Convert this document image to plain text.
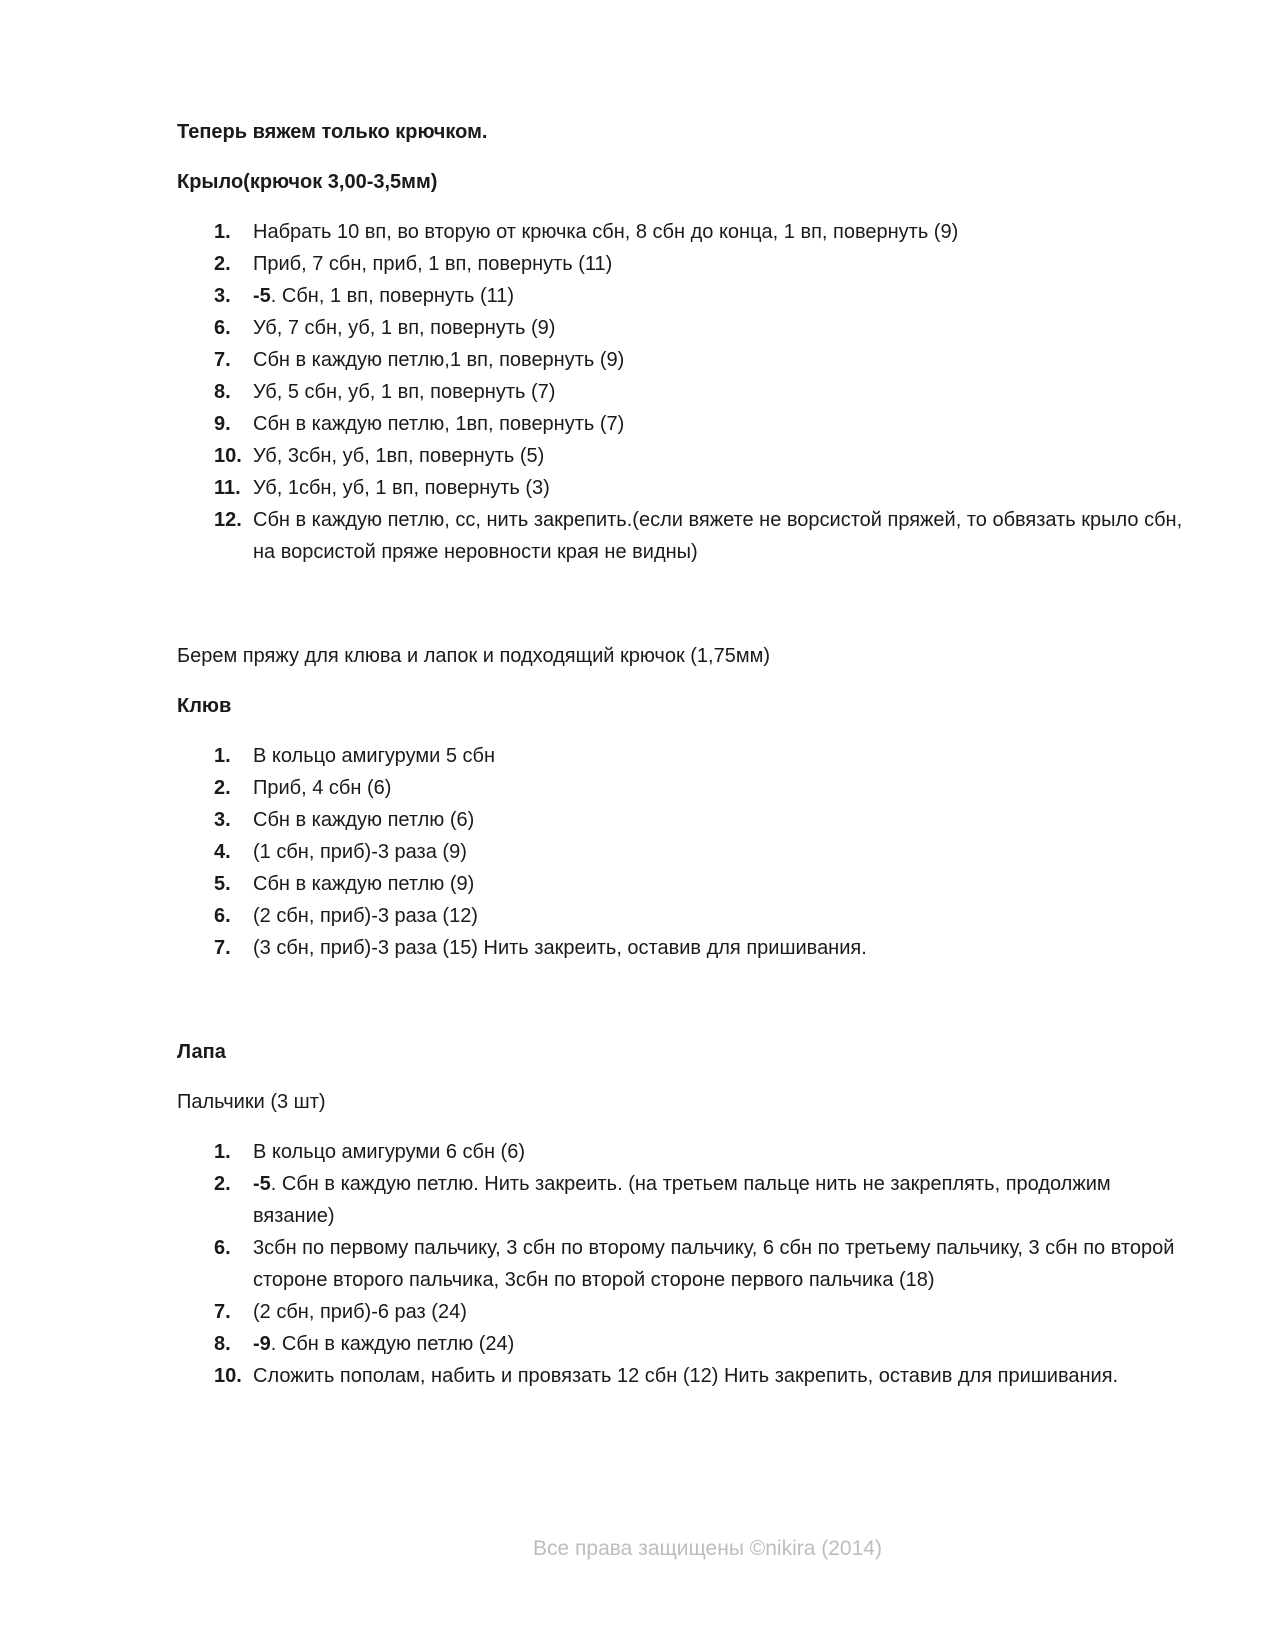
Теперь вяжем только крючком.

Крыло(крючок 3,00-3,5мм)

1. Набрать 10 вп, во вторую от крючка сбн, 8 сбн до конца, 1 вп, повернуть (9)
2. Приб, 7 сбн, приб, 1 вп, повернуть (11)
3. -5. Сбн, 1 вп, повернуть (11)
6. Уб, 7 сбн, уб, 1 вп, повернуть (9)
7. Сбн в каждую петлю,1 вп, повернуть (9)
8. Уб, 5 сбн, уб, 1 вп, повернуть (7)
9. Сбн в каждую петлю, 1вп, повернуть (7)
10. Уб, 3сбн, уб, 1вп, повернуть (5)
11. Уб, 1сбн, уб, 1 вп, повернуть (3)
12. Сбн в каждую петлю, сс, нить закрепить.(если вяжете не ворсистой пряжей, то обвязать крыло сбн, на ворсистой пряже неровности края не видны)

Берем пряжу для клюва и лапок и подходящий крючок (1,75мм)

Клюв

1. В кольцо амигуруми 5 сбн
2. Приб, 4 сбн (6)
3. Сбн в каждую петлю (6)
4. (1 сбн, приб)-3 раза (9)
5. Сбн в каждую петлю (9)
6. (2 сбн, приб)-3 раза (12)
7. (3 сбн, приб)-3 раза (15) Нить закреить, оставив для пришивания.

Лапа

Пальчики (3 шт)

1. В кольцо амигуруми 6 сбн (6)
2. -5. Сбн в каждую петлю. Нить закреить. (на третьем пальце нить не закреплять, продолжим вязание)
6. 3сбн по первому пальчику, 3 сбн по второму пальчику, 6 сбн по третьему пальчику, 3 сбн по второй стороне второго пальчика, 3сбн по второй стороне первого пальчика (18)
7. (2 сбн, приб)-6 раз (24)
8. -9. Сбн в каждую петлю (24)
10. Сложить пополам, набить и провязать 12 сбн (12) Нить закрепить, оставив для пришивания.
Все права защищены ©nikira (2014)
